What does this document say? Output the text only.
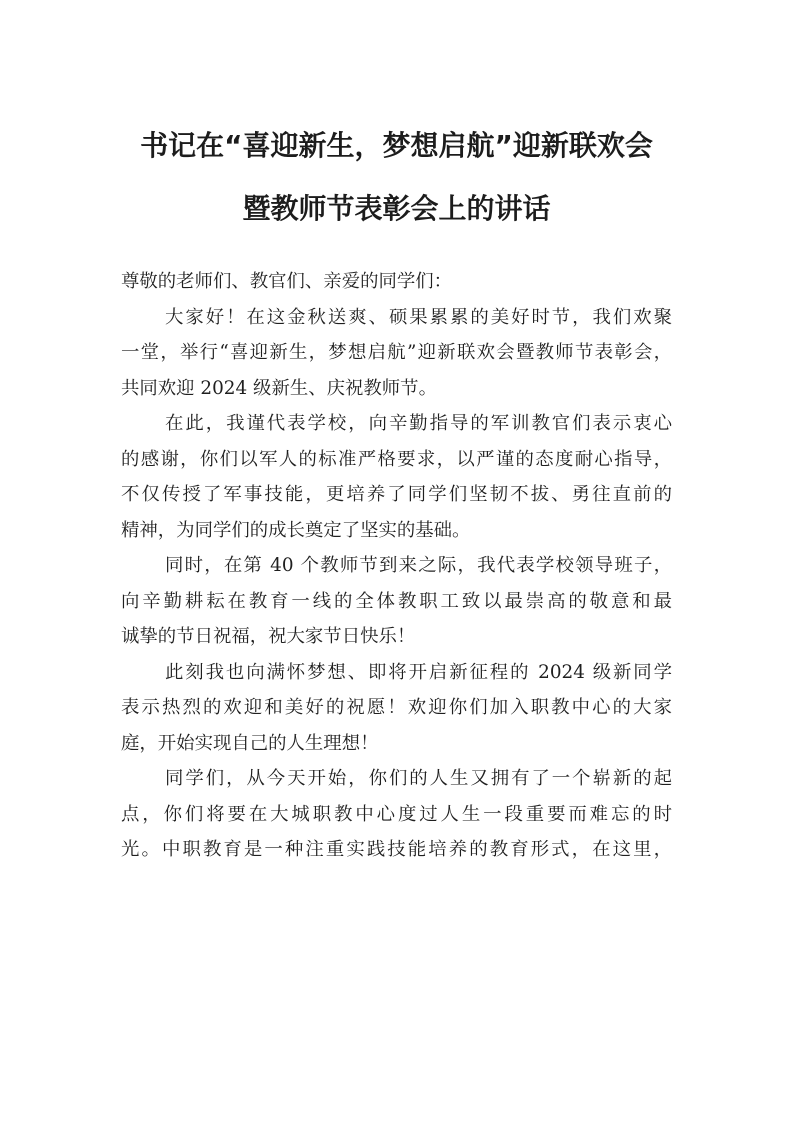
书记在“喜迎新生，梦想启航”迎新联欢会
暨教师节表彰会上的讲话
尊敬的老师们、教官们、亲爱的同学们：
大家好！在这金秋送爽、硕果累累的美好时节，我们欢聚
一堂，举行“喜迎新生，梦想启航”迎新联欢会暨教师节表彰会，
共同欢迎 2024 级新生、庆祝教师节。
在此，我谨代表学校，向辛勤指导的军训教官们表示衷心
的感谢，你们以军人的标准严格要求，以严谨的态度耐心指导，
不仅传授了军事技能，更培养了同学们坚韧不拔、勇往直前的
精神，为同学们的成长奠定了坚实的基础。
同时，在第 40 个教师节到来之际，我代表学校领导班子，
向辛勤耕耘在教育一线的全体教职工致以最崇高的敬意和最
诚挚的节日祝福，祝大家节日快乐！
此刻我也向满怀梦想、即将开启新征程的 2024 级新同学
表示热烈的欢迎和美好的祝愿！欢迎你们加入职教中心的大家
庭，开始实现自己的人生理想！
同学们，从今天开始，你们的人生又拥有了一个崭新的起
点，你们将要在大城职教中心度过人生一段重要而难忘的时
光。中职教育是一种注重实践技能培养的教育形式，在这里，
